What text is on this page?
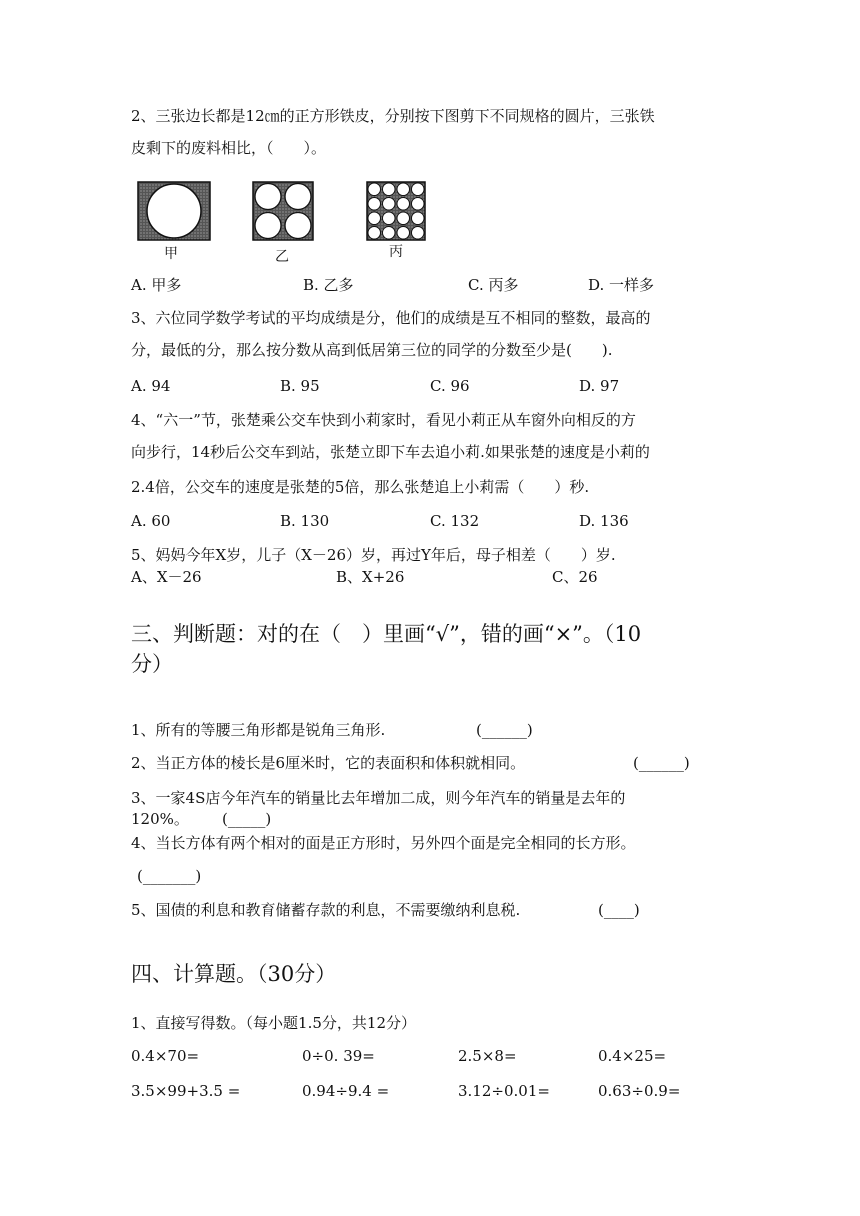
2、三张边长都是12㎝的正方形铁皮，分别按下图剪下不同规格的圆片，三张铁
皮剩下的废料相比，（　　）。
甲	乙	丙
A. 甲多	B. 乙多	C. 丙多	D. 一样多
3、六位同学数学考试的平均成绩是分，他们的成绩是互不相同的整数，最高的
分，最低的分，那么按分数从高到低居第三位的同学的分数至少是(　　).
A. 94	B. 95	C. 96	D. 97
4、“六一”节，张楚乘公交车快到小莉家时，看见小莉正从车窗外向相反的方
向步行，14秒后公交车到站，张楚立即下车去追小莉.如果张楚的速度是小莉的
2.4倍，公交车的速度是张楚的5倍，那么张楚追上小莉需（　　）秒.
A. 60	B. 130	C. 132	D. 136
5、妈妈今年X岁，儿子（X－26）岁，再过Y年后，母子相差（　　）岁.
A、X－26	B、X+26	C、26
三、判断题：对的在（　）里画“√”，错的画“×”。（10
分）
1、所有的等腰三角形都是锐角三角形.	(______)
2、当正方体的棱长是6厘米时，它的表面积和体积就相同。	(______)
3、一家4S店今年汽车的销量比去年增加二成，则今年汽车的销量是去年的
120%。 (_____)
4、当长方体有两个相对的面是正方形时，另外四个面是完全相同的长方形。
(_______)
5、国债的利息和教育储蓄存款的利息，不需要缴纳利息税.	(____)
四、计算题。（30分）
1、直接写得数。（每小题1.5分，共12分）
0.4×70=	0÷0. 39=	2.5×8=	0.4×25=
3.5×99+3.5 =	0.94÷9.4 =	3.12÷0.01=	0.63÷0.9=
